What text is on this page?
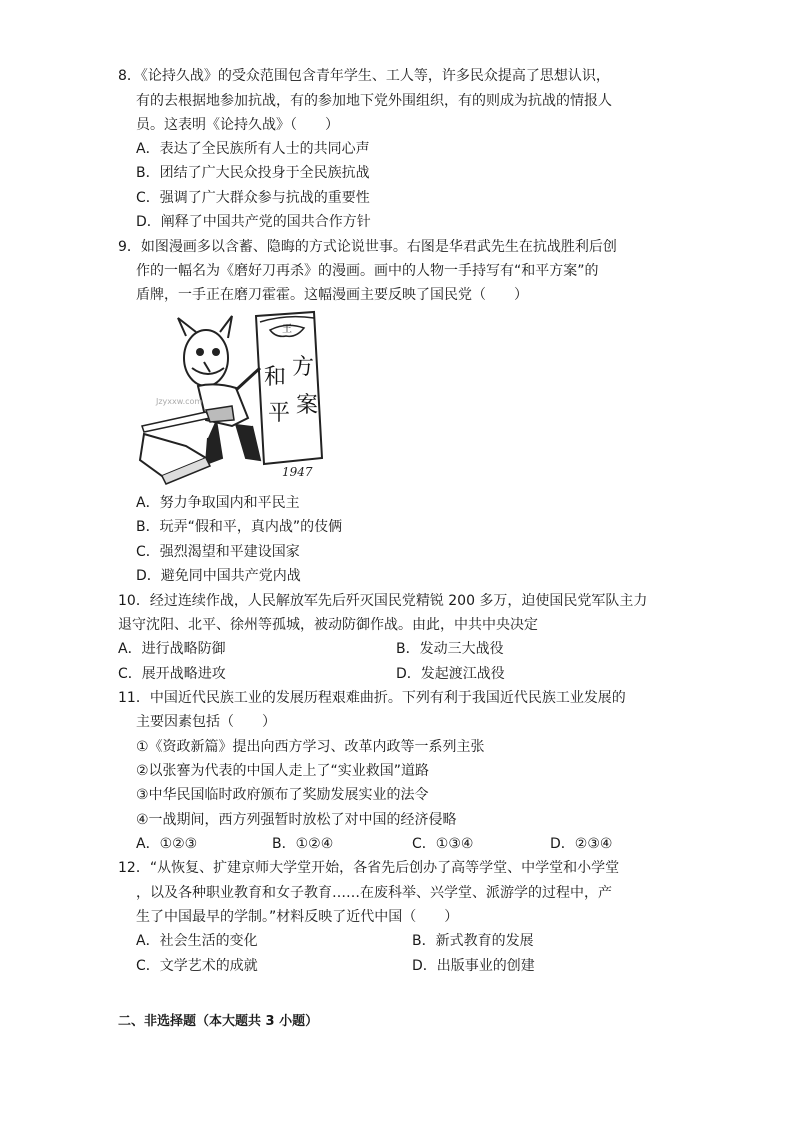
8．《论持久战》的受众范围包含青年学生、工人等，许多民众提高了思想认识，
有的去根据地参加抗战，有的参加地下党外围组织，有的则成为抗战的情报人
员。这表明《论持久战》（　　）
A．表达了全民族所有人士的共同心声
B．团结了广大民众投身于全民族抗战
C．强调了广大群众参与抗战的重要性
D．阐释了中国共产党的国共合作方针
9．如图漫画多以含蓄、隐晦的方式论说世事。右图是华君武先生在抗战胜利后创
作的一幅名为《磨好刀再杀》的漫画。画中的人物一手持写有“和平方案”的
盾牌，一手正在磨刀霍霍。这幅漫画主要反映了国民党（　　）
王
方
和
案
平
Jzyxxw.com
1947
A．努力争取国内和平民主
B．玩弄“假和平，真内战”的伎俩
C．强烈渴望和平建设国家
D．避免同中国共产党内战
10．经过连续作战，人民解放军先后歼灭国民党精锐 200 多万，迫使国民党军队主力
退守沈阳、北平、徐州等孤城，被动防御作战。由此，中共中央决定
A．进行战略防御	B．发动三大战役
C．展开战略进攻	D．发起渡江战役
11．中国近代民族工业的发展历程艰难曲折。下列有利于我国近代民族工业发展的
主要因素包括（　　）
①《资政新篇》提出向西方学习、改革内政等一系列主张
②以张謇为代表的中国人走上了“实业救国”道路
③中华民国临时政府颁布了奖励发展实业的法令
④一战期间，西方列强暂时放松了对中国的经济侵略
A．①②③	B．①②④	C．①③④	D．②③④
12．“从恢复、扩建京师大学堂开始，各省先后创办了高等学堂、中学堂和小学堂
，以及各种职业教育和女子教育……在废科举、兴学堂、派游学的过程中，产
生了中国最早的学制。”材料反映了近代中国（　　）
A．社会生活的变化	B．新式教育的发展
C．文学艺术的成就	D．出版事业的创建
二、非选择题（本大题共 3 小题）
